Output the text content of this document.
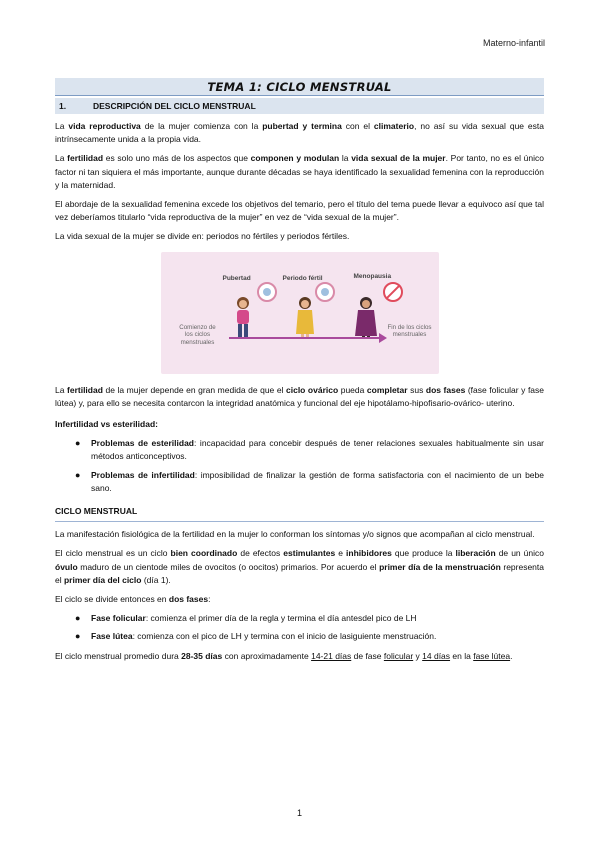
Materno-infantil
TEMA 1: CICLO MENSTRUAL
1.	DESCRIPCIÓN DEL CICLO MENSTRUAL

La vida reproductiva de la mujer comienza con la pubertad y termina con el climaterio, no así su vida sexual que esta intrínsecamente unida a la propia vida.

La fertilidad es solo uno más de los aspectos que componen y modulan la vida sexual de la mujer. Por tanto, no es el único factor ni tan siquiera el más importante, aunque durante décadas se haya identificado la sexualidad femenina con la reproducción y la maternidad.

El abordaje de la sexualidad femenina excede los objetivos del temario, pero el título del tema puede llevar a equivoco así que tal vez deberíamos titularlo “vida reproductiva de la mujer” en vez de “vida sexual de la mujer”.

La vida sexual de la mujer se divide en: periodos no fértiles y periodos fértiles.

Pubertad	Periodo fértil	Menopausia
Comienzo de los ciclos menstruales
Fin de los ciclos menstruales

La fertilidad de la mujer depende en gran medida de que el ciclo ovárico pueda completar sus dos fases (fase folicular y fase lútea) y, para ello se necesita contarcon la integridad anatómica y funcional del eje hipotálamo-hipofisario-ovárico- uterino.

Infertilidad vs esterilidad:
● Problemas de esterilidad: incapacidad para concebir después de tener relaciones sexuales habitualmente sin usar métodos anticonceptivos.
● Problemas de infertilidad: imposibilidad de finalizar la gestión de forma satisfactoria con el nacimiento de un bebe sano.
CICLO MENSTRUAL

La manifestación fisiológica de la fertilidad en la mujer lo conforman los síntomas y/o signos que acompañan al ciclo menstrual.

El ciclo menstrual es un ciclo bien coordinado de efectos estimulantes e inhibidores que produce la liberación de un único óvulo maduro de un cientode miles de ovocitos (o oocitos) primarios. Por acuerdo el primer día de la menstruación representa el primer día del ciclo (día 1).

El ciclo se divide entonces en dos fases:

● Fase folicular: comienza el primer día de la regla y termina el día antesdel pico de LH
● Fase lútea: comienza con el pico de LH y termina con el inicio de lasiguiente menstruación.

El ciclo menstrual promedio dura 28-35 días con aproximadamente 14-21 días de fase folicular y 14 días en la fase lútea.

1
